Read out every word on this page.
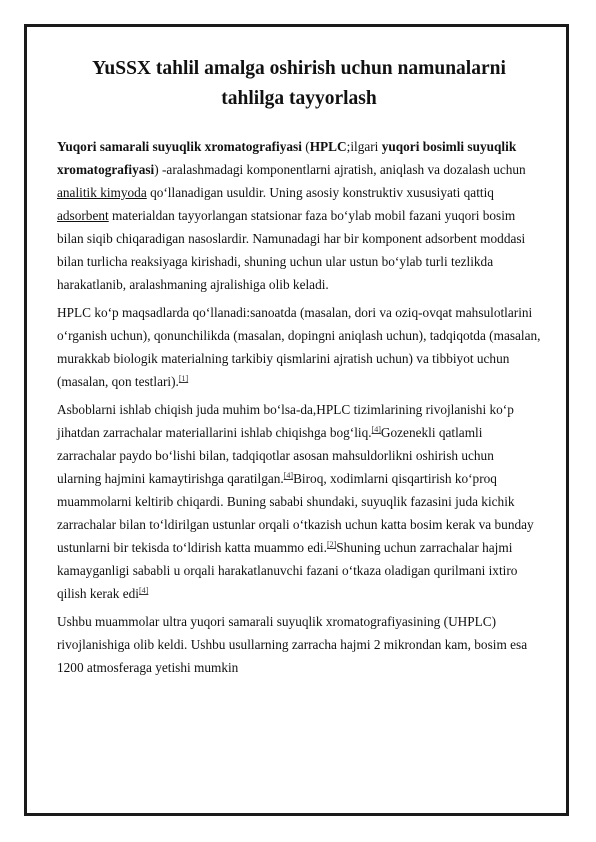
YuSSX tahlil amalga oshirish uchun namunalarni
tahlilga tayyorlash

Yuqori samarali suyuqlik xromatografiyasi (HPLC;ilgari yuqori bosimli suyuqlik xromatografiyasi) -aralashmadagi komponentlarni ajratish, aniqlash va dozalash uchun analitik kimyoda qo‘llanadigan usuldir. Uning asosiy konstruktiv xususiyati qattiq adsorbent materialdan tayyorlangan statsionar faza bo‘ylab mobil fazani yuqori bosim bilan siqib chiqaradigan nasoslardir. Namunadagi har bir komponent adsorbent moddasi bilan turlicha reaksiyaga kirishadi, shuning uchun ular ustun bo‘ylab turli tezlikda harakatlanib, aralashmaning ajralishiga olib keladi.

HPLC ko‘p maqsadlarda qo‘llanadi:sanoatda (masalan, dori va oziq-ovqat mahsulotlarini o‘rganish uchun), qonunchilikda (masalan, dopingni aniqlash uchun), tadqiqotda (masalan, murakkab biologik materialning tarkibiy qismlarini ajratish uchun) va tibbiyot uchun (masalan, qon testlari).[1]

Asboblarni ishlab chiqish juda muhim bo‘lsa-da,HPLC tizimlarining rivojlanishi ko‘p jihatdan zarrachalar materiallarini ishlab chiqishga bog‘liq.[4]Gozenekli qatlamli zarrachalar paydo bo‘lishi bilan, tadqiqotlar asosan mahsuldorlikni oshirish uchun ularning hajmini kamaytirishga qaratilgan.[4]Biroq, xodimlarni qisqartirish ko‘proq muammolarni keltirib chiqardi. Buning sababi shundaki, suyuqlik fazasini juda kichik zarrachalar bilan to‘ldirilgan ustunlar orqali o‘tkazish uchun katta bosim kerak va bunday ustunlarni bir tekisda to‘ldirish katta muammo edi.[2]Shuning uchun zarrachalar hajmi kamayganligi sababli u orqali harakatlanuvchi fazani o‘tkaza oladigan qurilmani ixtiro qilish kerak edi[4]

Ushbu muammolar ultra yuqori samarali suyuqlik xromatografiyasining (UHPLC) rivojlanishiga olib keldi. Ushbu usullarning zarracha hajmi 2 mikrondan kam, bosim esa 1200 atmosferaga yetishi mumkin
